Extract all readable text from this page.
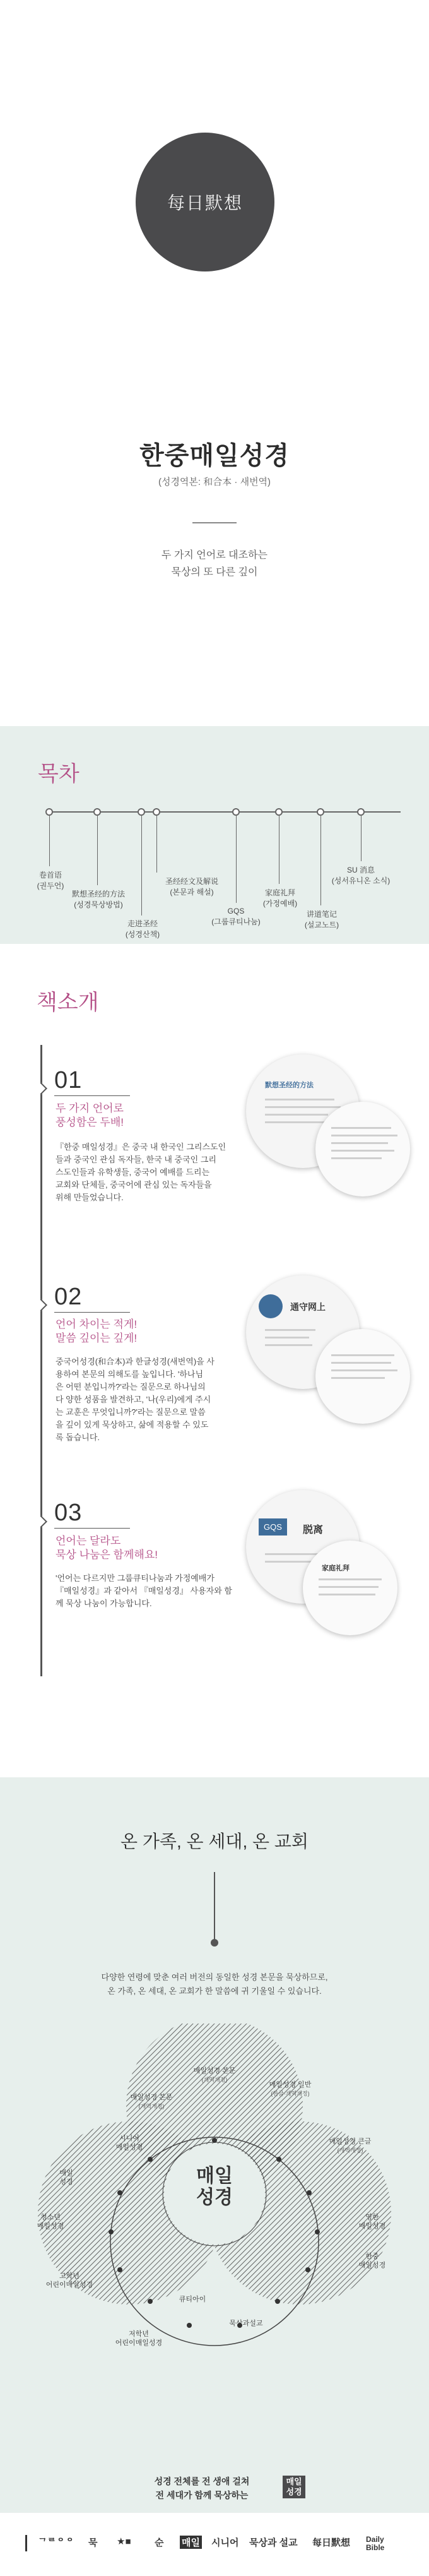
每日默想
한중매일성경
(성경역본: 和合本 · 새번역)
두 가지 언어로 대조하는
묵상의 또 다른 깊이
목차
卷首语
(권두언)
默想圣经的方法
(성경묵상방법)
走进圣经
(성경산책)
圣经经文及解说
(본문과 해설)
GQS
(그룹큐티나눔)
家庭礼拜
(가정예배)
讲道笔记
(설교노트)
SU 消息
(성서유니온 소식)
책소개
01
두 가지 언어로
풍성함은 두배!
『한중 매일성경』은 중국 내 한국인 그리스도인
들과 중국인 관심 독자들, 한국 내 중국인 그리
스도인들과 유학생들, 중국어 예배를 드리는
교회와 단체들, 중국어에 관심 있는 독자들을
위해 만들었습니다.
默想圣经的方法
02
언어 차이는 적게!
말씀 깊이는 깊게!
중국어성경(和合本)과 한글성경(새번역)을 사
용하여 본문의 의해도를 높입니다. '하나님
은 어떤 분입니까?'라는 질문으로 하나님의
다 양한 성품을 발견하고, '나(우리)에게 주시
는 교훈은 무엇입니까?'라는 질문으로 말씀
을 깊이 있게 묵상하고, 삶에 적용할 수 있도
록 돕습니다.
通守网上
03
언어는 달라도
묵상 나눔은 함께해요!
'언어는 다르지만 그룹큐티나눔과 가정예배가
『매일성경』과 같아서 『매일성경』 사용자와 함
께 묵상 나눔이 가능합니다.
GQS	脱离
家庭礼拜
온 가족, 온 세대, 온 교회
다양한 연령에 맞춘 여러 버전의 동일한 성경 본문을 묵상하므로,
온 가족, 온 세대, 온 교회가 한 말씀에 귀 기울일 수 있습니다.
매일
성경
매일성경 본문
(개역개정)
매일성경 일반
(한글·개역개정)
매일성경 본문
(개역개정)
시니어
매일성경
매일성경 큰글
(개역개정)
매일
성경
청소년
매일성경
영한
매일성경
한중
매일성경
고학년
어린이매일성경
저학년
어린이매일성경
큐티아이
묵상과설교
성경 전체를 전 생애 걸쳐
전 세대가 함께 묵상하는
매일성경
ᄀᄅᄋᄋ 묵 ★■ 순 매일 시니어 묵상과 설교 每日默想 Daily Bible
